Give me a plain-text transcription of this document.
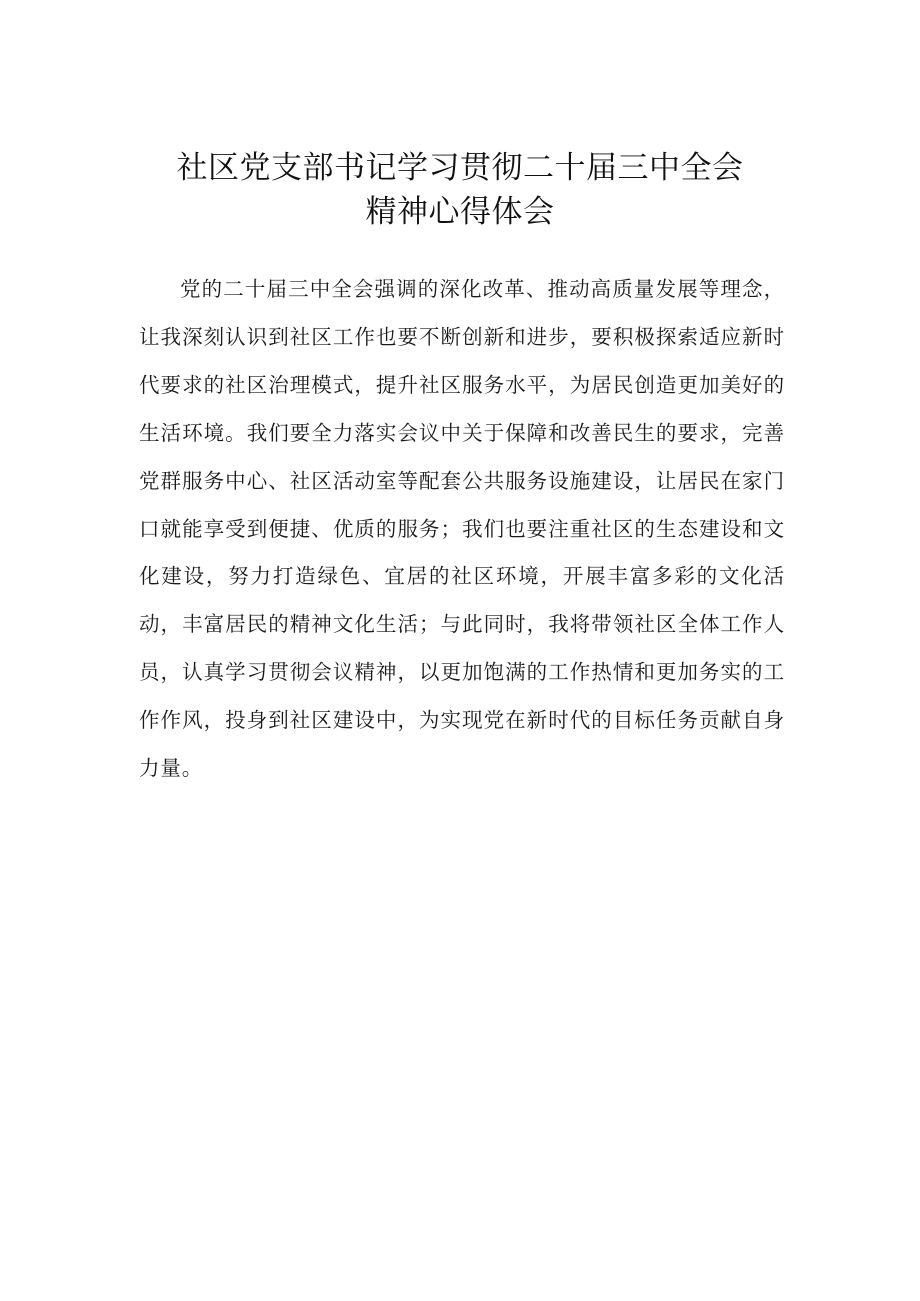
社区党支部书记学习贯彻二十届三中全会
精神心得体会

党的二十届三中全会强调的深化改革、推动高质量发展等理念，让我深刻认识到社区工作也要不断创新和进步，要积极探索适应新时代要求的社区治理模式，提升社区服务水平，为居民创造更加美好的生活环境。我们要全力落实会议中关于保障和改善民生的要求，完善党群服务中心、社区活动室等配套公共服务设施建设，让居民在家门口就能享受到便捷、优质的服务；我们也要注重社区的生态建设和文化建设，努力打造绿色、宜居的社区环境，开展丰富多彩的文化活动，丰富居民的精神文化生活；与此同时，我将带领社区全体工作人员，认真学习贯彻会议精神，以更加饱满的工作热情和更加务实的工作作风，投身到社区建设中，为实现党在新时代的目标任务贡献自身力量。
